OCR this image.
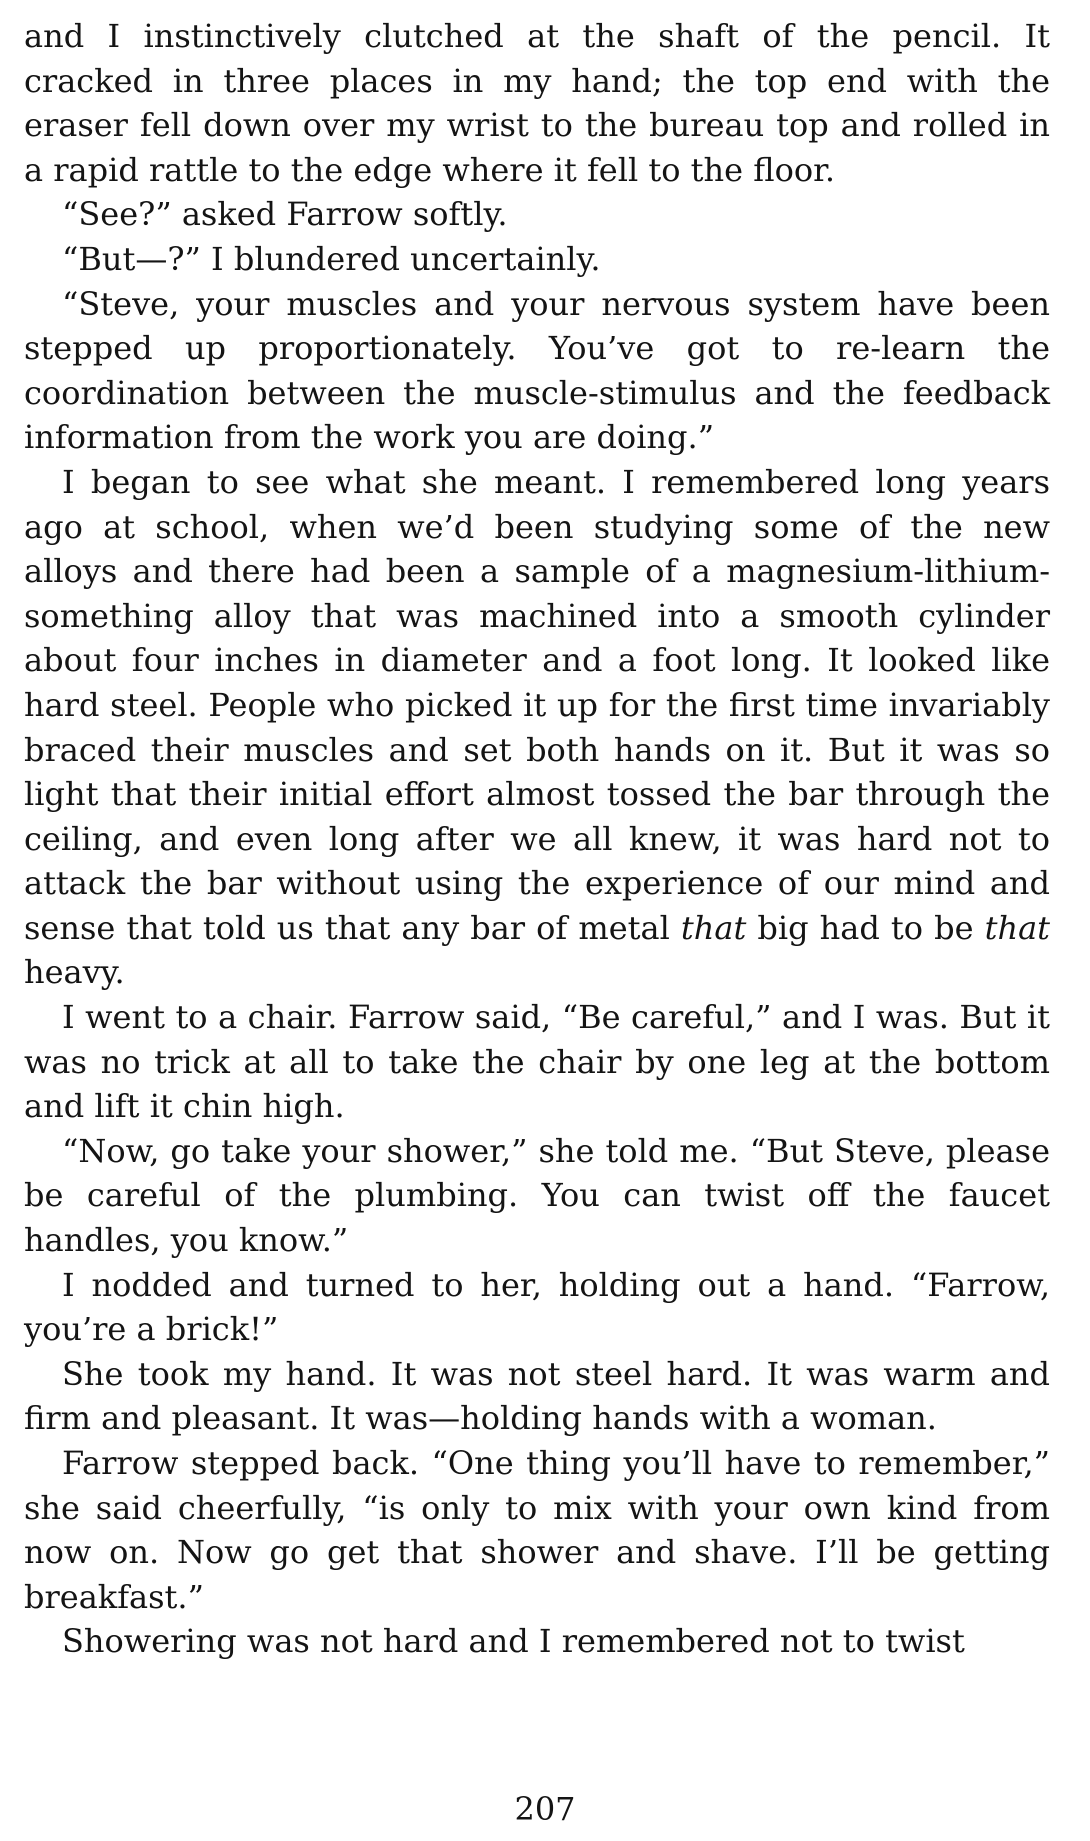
and I instinctively clutched at the shaft of the pencil. It cracked in three places in my hand; the top end with the eraser fell down over my wrist to the bureau top and rolled in a rapid rattle to the edge where it fell to the floor.

“See?” asked Farrow softly.

“But—?” I blundered uncertainly.

“Steve, your muscles and your nervous system have been stepped up proportionately. You’ve got to re-learn the coordination between the muscle-stimulus and the feedback information from the work you are doing.”

I began to see what she meant. I remembered long years ago at school, when we’d been studying some of the new alloys and there had been a sample of a magnesium-lithium-something alloy that was machined into a smooth cylinder about four inches in diameter and a foot long. It looked like hard steel. People who picked it up for the first time invariably braced their muscles and set both hands on it. But it was so light that their initial effort almost tossed the bar through the ceiling, and even long after we all knew, it was hard not to attack the bar without using the experience of our mind and sense that told us that any bar of metal that big had to be that heavy.

I went to a chair. Farrow said, “Be careful,” and I was. But it was no trick at all to take the chair by one leg at the bottom and lift it chin high.

“Now, go take your shower,” she told me. “But Steve, please be careful of the plumbing. You can twist off the faucet handles, you know.”

I nodded and turned to her, holding out a hand. “Farrow, you’re a brick!”

She took my hand. It was not steel hard. It was warm and firm and pleasant. It was—holding hands with a woman.

Farrow stepped back. “One thing you’ll have to remember,” she said cheerfully, “is only to mix with your own kind from now on. Now go get that shower and shave. I’ll be getting breakfast.”

Showering was not hard and I remembered not to twist

207
